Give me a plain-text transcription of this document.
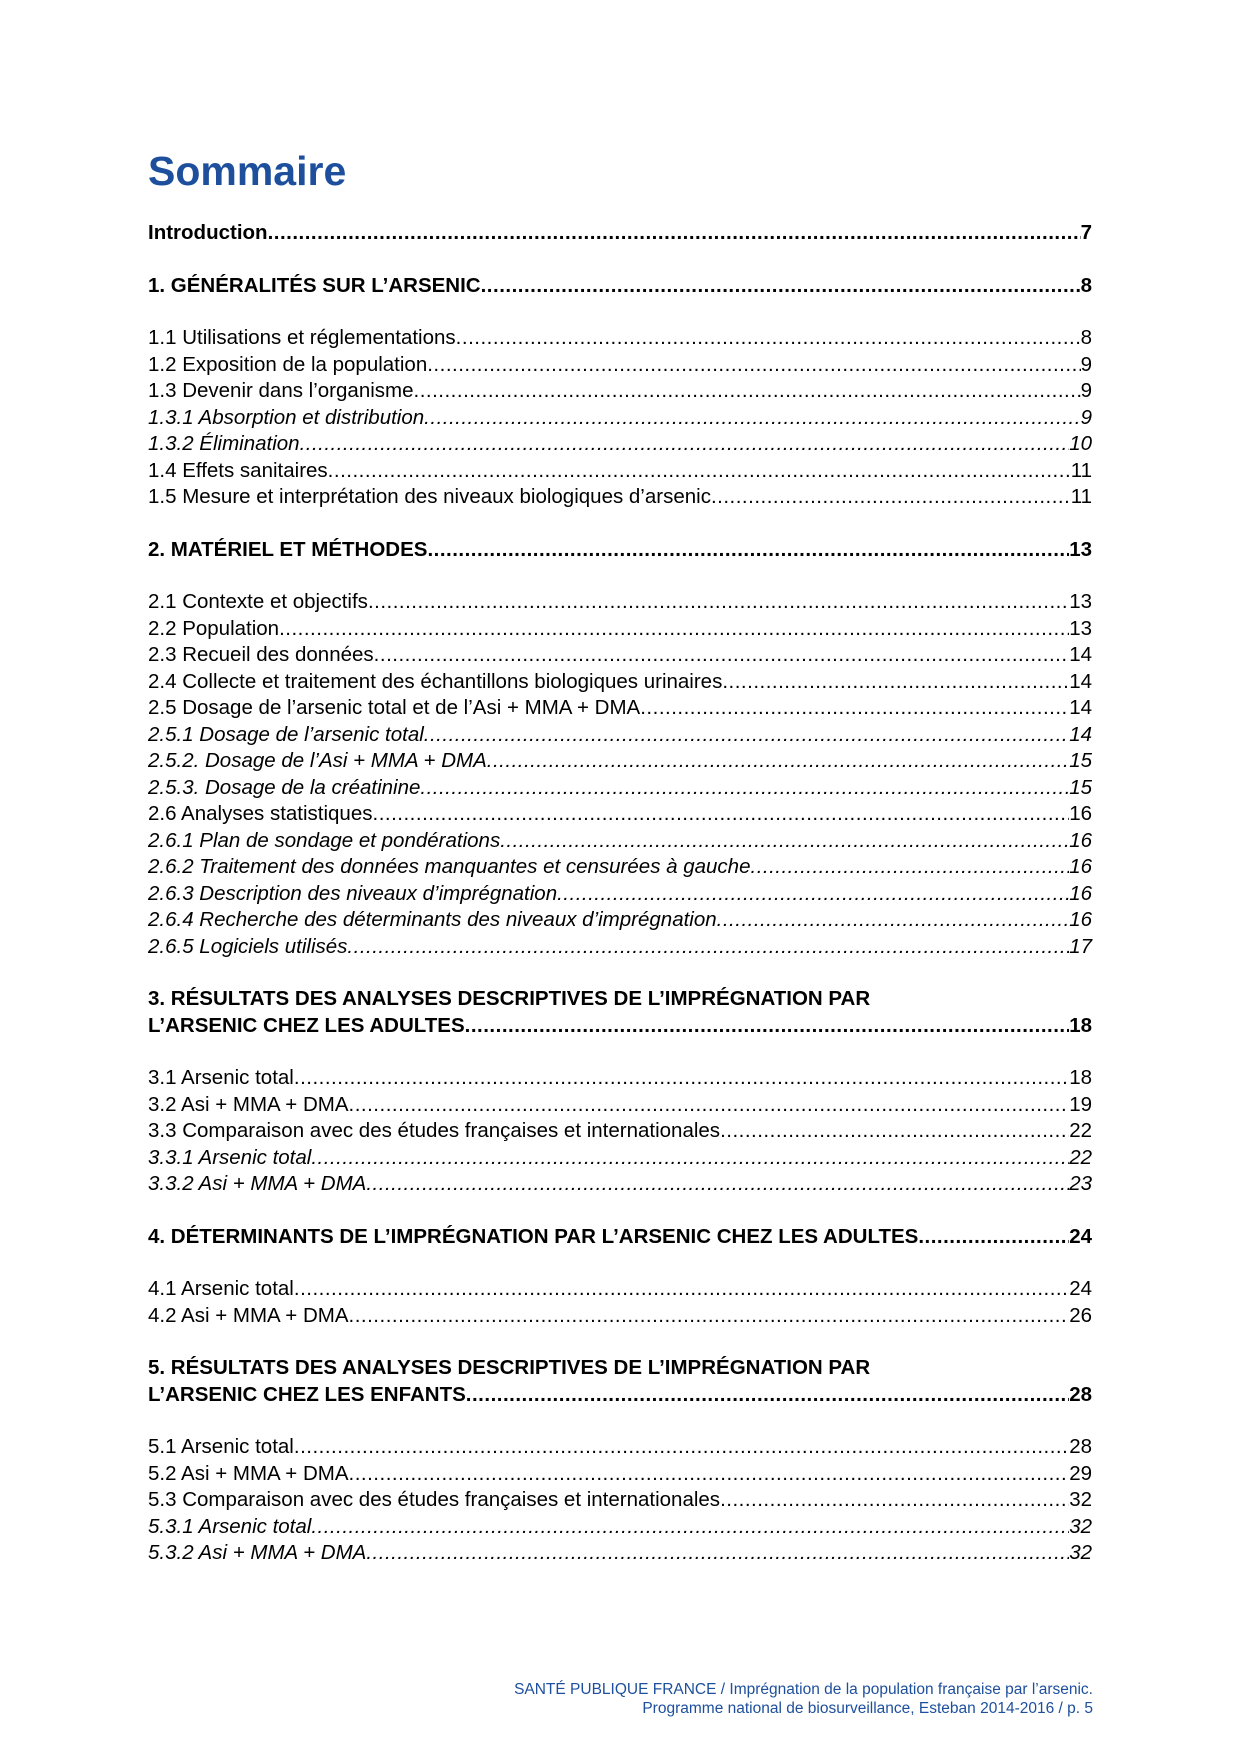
Sommaire
Introduction .....	7
1. GÉNÉRALITÉS SUR L’ARSENIC .....	8
1.1 Utilisations et réglementations .....	8
1.2 Exposition de la population .....	9
1.3 Devenir dans l’organisme .....	9
1.3.1 Absorption et distribution .....	9
1.3.2 Élimination .....	10
1.4 Effets sanitaires .....	11
1.5 Mesure et interprétation des niveaux biologiques d’arsenic .....	11
2. MATÉRIEL ET MÉTHODES .....	13
2.1 Contexte et objectifs .....	13
2.2 Population .....	13
2.3 Recueil des données .....	14
2.4 Collecte et traitement des échantillons biologiques urinaires .....	14
2.5 Dosage de l’arsenic total et de l’Asi + MMA + DMA .....	14
2.5.1 Dosage de l’arsenic total .....	14
2.5.2. Dosage de l’Asi + MMA + DMA .....	15
2.5.3. Dosage de la créatinine .....	15
2.6 Analyses statistiques .....	16
2.6.1 Plan de sondage et pondérations .....	16
2.6.2 Traitement des données manquantes et censurées à gauche .....	16
2.6.3 Description des niveaux d’imprégnation .....	16
2.6.4 Recherche des déterminants des niveaux d’imprégnation .....	16
2.6.5 Logiciels utilisés .....	17
3. RÉSULTATS DES ANALYSES DESCRIPTIVES DE L’IMPRÉGNATION PAR
L’ARSENIC CHEZ LES ADULTES .....	18
3.1 Arsenic total .....	18
3.2 Asi + MMA + DMA .....	19
3.3 Comparaison avec des études françaises et internationales .....	22
3.3.1 Arsenic total .....	22
3.3.2 Asi + MMA + DMA .....	23
4. DÉTERMINANTS DE L’IMPRÉGNATION PAR L’ARSENIC CHEZ LES ADULTES .....	24
4.1 Arsenic total .....	24
4.2 Asi + MMA + DMA .....	26
5. RÉSULTATS DES ANALYSES DESCRIPTIVES DE L’IMPRÉGNATION PAR
L’ARSENIC CHEZ LES ENFANTS .....	28
5.1 Arsenic total .....	28
5.2 Asi + MMA + DMA .....	29
5.3 Comparaison avec des études françaises et internationales .....	32
5.3.1 Arsenic total .....	32
5.3.2 Asi + MMA + DMA .....	32
SANTÉ PUBLIQUE FRANCE / Imprégnation de la population française par l’arsenic.
Programme national de biosurveillance, Esteban 2014-2016 / p. 5
